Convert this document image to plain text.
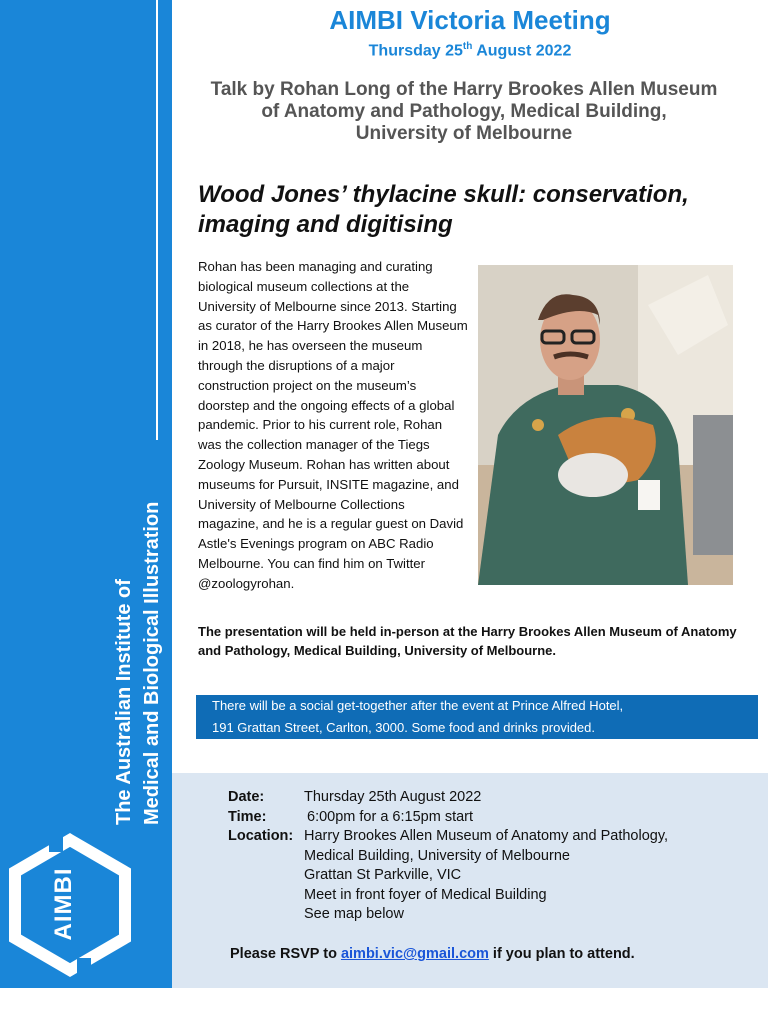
The Australian Institute of Medical and Biological Illustration
AIMBI
AIMBI Victoria Meeting
Thursday 25th August 2022
Talk by Rohan Long of the Harry Brookes Allen Museum
of Anatomy and Pathology, Medical Building,
University of Melbourne
Wood Jones’ thylacine skull: conservation,
imaging and digitising
Rohan has been managing and curating biological museum collections at the University of Melbourne since 2013. Starting as curator of the Harry Brookes Allen Museum in 2018, he has overseen the museum through the disruptions of a major construction project on the museum’s doorstep and the ongoing effects of a global pandemic. Prior to his current role, Rohan was the collection manager of the Tiegs Zoology Museum. Rohan has written about museums for Pursuit, INSITE magazine, and University of Melbourne Collections magazine, and he is a regular guest on David Astle's Evenings program on ABC Radio Melbourne. You can find him on Twitter  @zoologyrohan.
The presentation will be held in-person at the Harry Brookes Allen Museum of Anatomy and Pathology, Medical Building, University of Melbourne.
There will be a social get-together after the event at Prince Alfred Hotel,
191 Grattan Street, Carlton, 3000. Some food and drinks provided.
Date:	Thursday 25th August 2022
Time:	6:00pm for a 6:15pm start
Location: Harry Brookes Allen Museum of Anatomy and Pathology,
Medical Building, University of Melbourne
Grattan St Parkville, VIC
Meet in front foyer of Medical Building
See map below
Please RSVP to aimbi.vic@gmail.com if you plan to attend.
